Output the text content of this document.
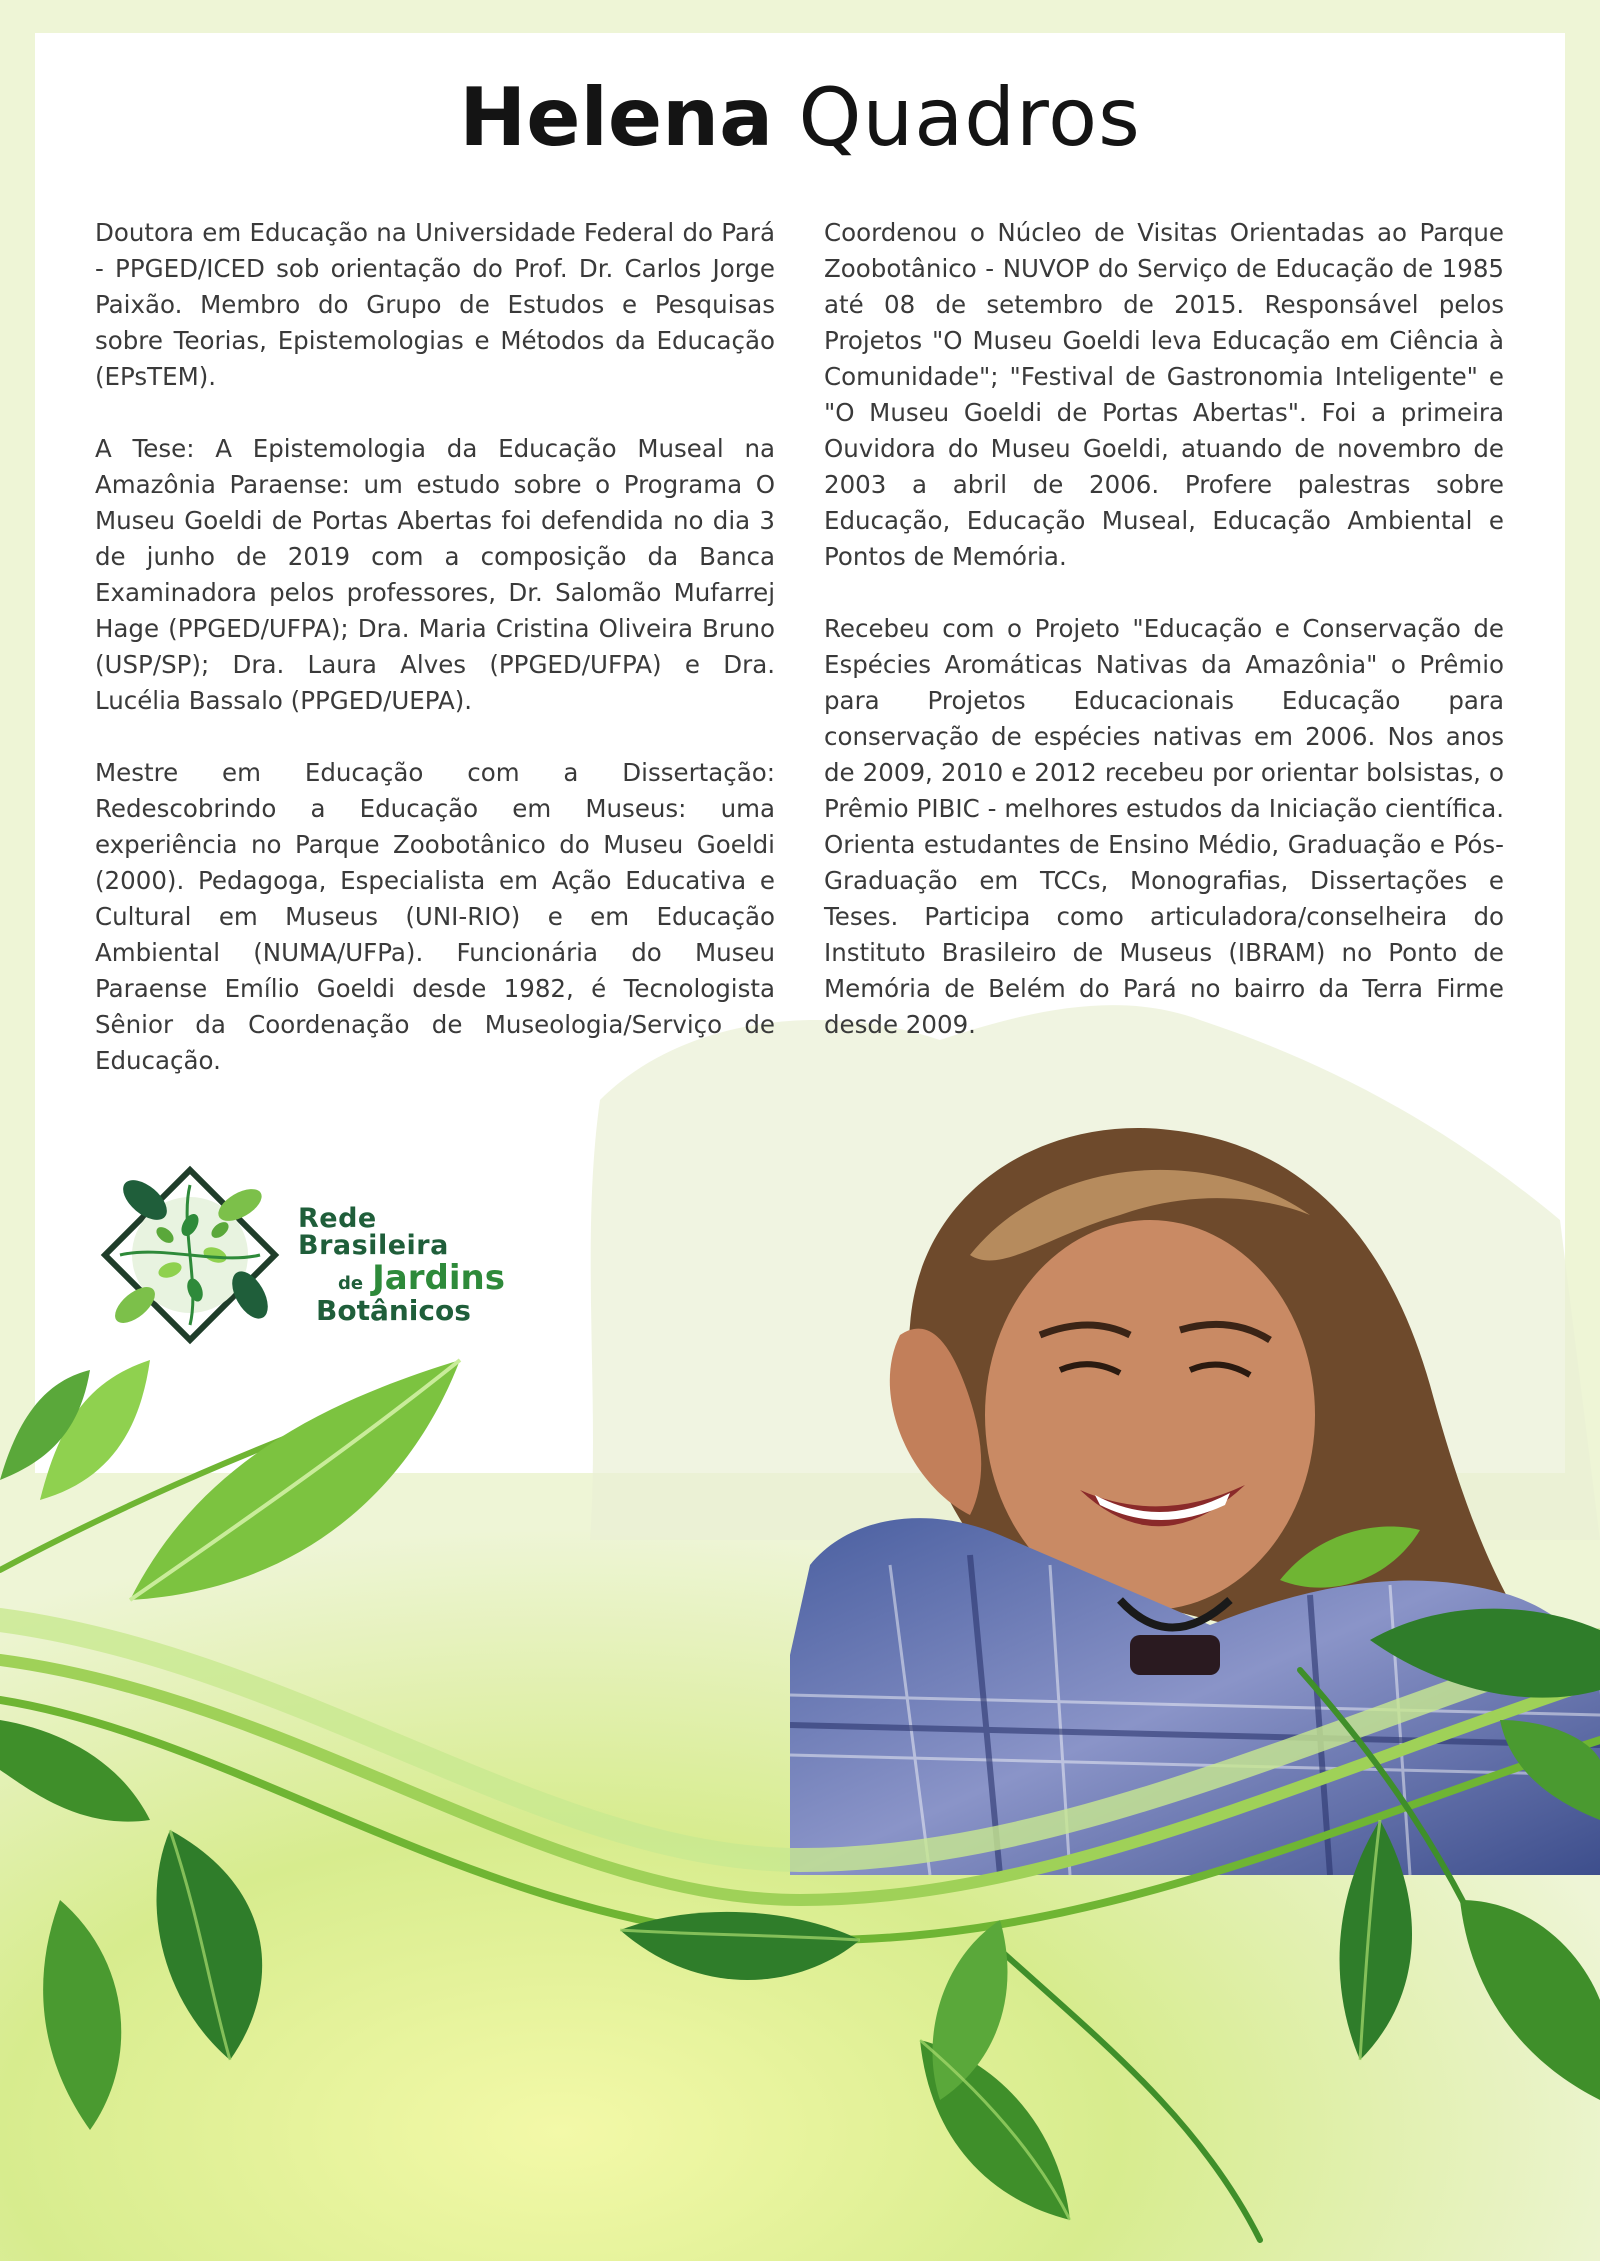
Helena Quadros

Doutora em Educação na Universidade Federal do Pará - PPGED/ICED sob orientação do Prof. Dr. Carlos Jorge Paixão. Membro do Grupo de Estudos e Pesquisas sobre Teorias, Epistemologias e Métodos da Educação (EPsTEM).

A Tese: A Epistemologia da Educação Museal na Amazônia Paraense: um estudo sobre o Programa O Museu Goeldi de Portas Abertas foi defendida no dia 3 de junho de 2019 com a composição da Banca Examinadora pelos professores, Dr. Salomão Mufarrej Hage (PPGED/UFPA); Dra. Maria Cristina Oliveira Bruno (USP/SP); Dra. Laura Alves (PPGED/UFPA) e Dra. Lucélia Bassalo (PPGED/UEPA).

Mestre em Educação com a Dissertação: Redescobrindo a Educação em Museus: uma experiência no Parque Zoobotânico do Museu Goeldi (2000). Pedagoga, Especialista em Ação Educativa e Cultural em Museus (UNI-RIO) e em Educação Ambiental (NUMA/UFPa). Funcionária do Museu Paraense Emílio Goeldi desde 1982, é Tecnologista Sênior da Coordenação de Museologia/Serviço de Educação.

Coordenou o Núcleo de Visitas Orientadas ao Parque Zoobotânico - NUVOP do Serviço de Educação de 1985 até 08 de setembro de 2015. Responsável pelos Projetos "O Museu Goeldi leva Educação em Ciência à Comunidade"; "Festival de Gastronomia Inteligente" e "O Museu Goeldi de Portas Abertas". Foi a primeira Ouvidora do Museu Goeldi, atuando de novembro de 2003 a abril de 2006. Profere palestras sobre Educação, Educação Museal, Educação Ambiental e Pontos de Memória.

Recebeu com o Projeto "Educação e Conservação de Espécies Aromáticas Nativas da Amazônia" o Prêmio para Projetos Educacionais Educação para conservação de espécies nativas em 2006. Nos anos de 2009, 2010 e 2012 recebeu por orientar bolsistas, o Prêmio PIBIC - melhores estudos da Iniciação científica. Orienta estudantes de Ensino Médio, Graduação e Pós-Graduação em TCCs, Monografias, Dissertações e Teses. Participa como articuladora/conselheira do Instituto Brasileiro de Museus (IBRAM) no Ponto de Memória de Belém do Pará no bairro da Terra Firme desde 2009.

Rede Brasileira
de Jardins
Botânicos
